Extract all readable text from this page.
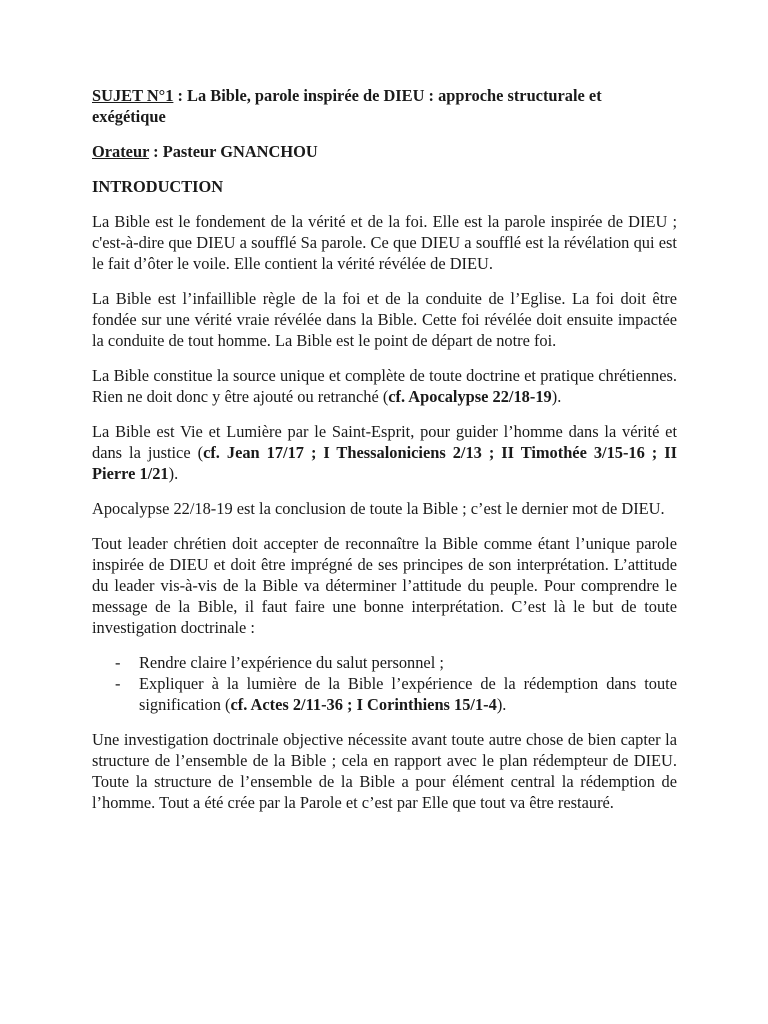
SUJET N°1 : La Bible, parole inspirée de DIEU : approche structurale et exégétique

Orateur : Pasteur GNANCHOU

INTRODUCTION

La Bible est le fondement de la vérité et de la foi. Elle est la parole inspirée de DIEU ; c'est-à-dire que DIEU a soufflé Sa parole. Ce que DIEU a soufflé est la révélation qui est le fait d’ôter le voile. Elle contient la vérité révélée de DIEU.

La Bible est l’infaillible règle de la foi et de la conduite de l’Eglise. La foi doit être fondée sur une vérité vraie révélée dans la Bible. Cette foi révélée doit ensuite impactée la conduite de tout homme. La Bible est le point de départ de notre foi.

La Bible constitue la source unique et complète de toute doctrine et pratique chrétiennes. Rien ne doit donc y être ajouté ou retranché (cf. Apocalypse 22/18-19).

La Bible est Vie et Lumière par le Saint-Esprit, pour guider l’homme dans la vérité et dans la justice (cf. Jean 17/17 ; I Thessaloniciens 2/13 ; II Timothée 3/15-16 ; II Pierre 1/21).

Apocalypse 22/18-19 est la conclusion de toute la Bible ; c’est le dernier mot de DIEU.

Tout leader chrétien doit accepter de reconnaître la Bible comme étant l’unique parole inspirée de DIEU et doit être imprégné de ses principes de son interprétation. L’attitude du leader vis-à-vis de la Bible va déterminer l’attitude du peuple. Pour comprendre le message de la Bible, il faut faire une bonne interprétation. C’est là le but de toute investigation doctrinale :

- Rendre claire l’expérience du salut personnel ;
- Expliquer à la lumière de la Bible l’expérience de la rédemption dans toute signification (cf. Actes 2/11-36 ; I Corinthiens 15/1-4).

Une investigation doctrinale objective nécessite avant toute autre chose de bien capter la structure de l’ensemble de la Bible ; cela en rapport avec le plan rédempteur de DIEU. Toute la structure de l’ensemble de la Bible a pour élément central la rédemption de l’homme. Tout a été crée par la Parole et c’est par Elle que tout va être restauré.
